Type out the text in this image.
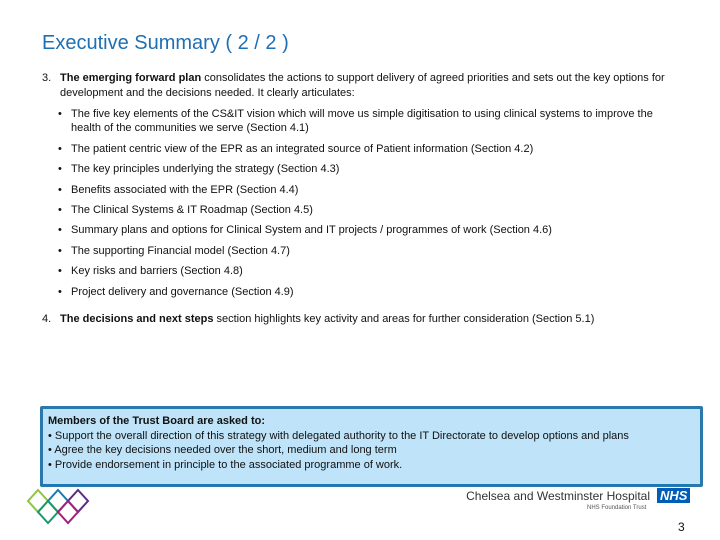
Executive Summary ( 2 / 2 )
3. The emerging forward plan consolidates the actions to support delivery of agreed priorities and sets out the key options for development and the decisions needed. It clearly articulates:
• The five key elements of the CS&IT vision which will move us simple digitisation to using clinical systems to improve the health of the communities we serve (Section 4.1)
• The patient centric view of the EPR as an integrated source of Patient information (Section 4.2)
• The key principles underlying the strategy (Section 4.3)
• Benefits associated with the EPR (Section 4.4)
• The Clinical Systems & IT Roadmap (Section 4.5)
• Summary plans and options for Clinical System and IT projects / programmes of work (Section 4.6)
• The supporting Financial model (Section 4.7)
• Key risks and barriers (Section 4.8)
• Project delivery and governance (Section 4.9)
4. The decisions and next steps section highlights key activity and areas for further consideration (Section 5.1)
Members of the Trust Board are asked to:
• Support the overall direction of this strategy with delegated authority to the IT Directorate to develop options and plans
• Agree the key decisions needed over the short, medium and long term
• Provide endorsement in principle to the associated programme of work.
Chelsea and Westminster Hospital NHS
NHS Foundation Trust
3
